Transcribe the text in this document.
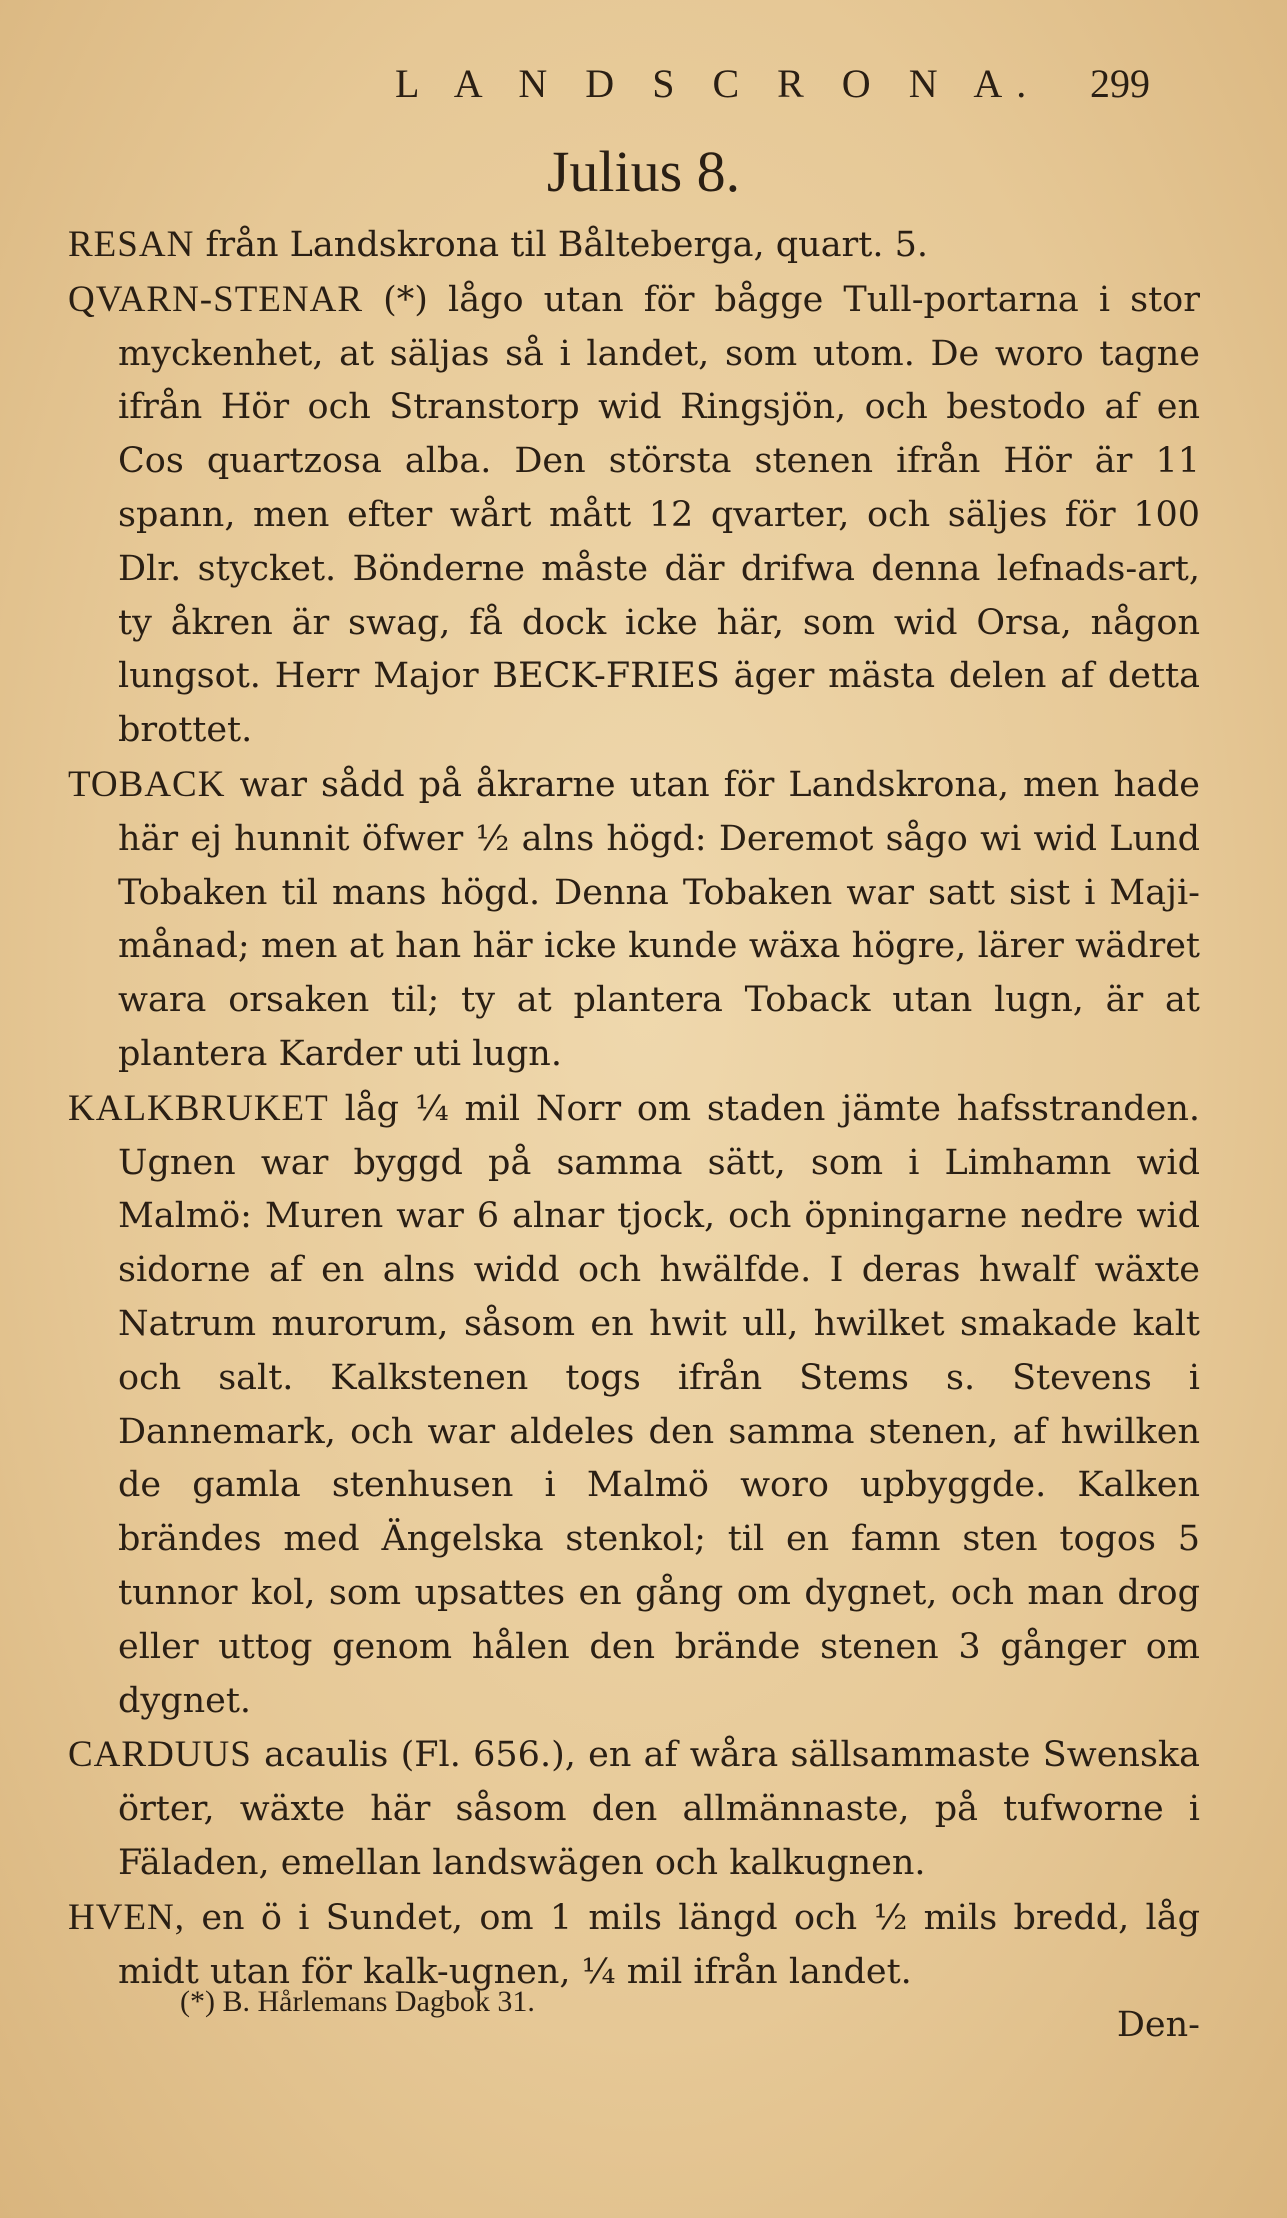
L A N D S C R O N A. 299
Julius 8.

RESAN från Landskrona til Bålteberga, quart. 5.

QVARN-STENAR (*) lågo utan för bågge Tull-portarna i stor myckenhet, at säljas så i landet, som utom. De woro tagne ifrån Hör och Stranstorp wid Ringsjön, och bestodo af en Cos quartzosa alba. Den största stenen ifrån Hör är 11 spann, men efter wårt mått 12 qvarter, och säljes för 100 Dlr. stycket. Bönderne måste där drifwa denna lefnads-art, ty åkren är swag, få dock icke här, som wid Orsa, någon lungsot. Herr Major BECK-FRIES äger mästa delen af detta brottet.

TOBACK war sådd på åkrarne utan för Landskrona, men hade här ej hunnit öfwer ½ alns högd: Deremot sågo wi wid Lund Tobaken til mans högd. Denna Tobaken war satt sist i Maji-månad; men at han här icke kunde wäxa högre, lärer wädret wara orsaken til; ty at plantera Toback utan lugn, är at plantera Karder uti lugn.

KALKBRUKET låg ¼ mil Norr om staden jämte hafsstranden. Ugnen war byggd på samma sätt, som i Limhamn wid Malmö: Muren war 6 alnar tjock, och öpningarne nedre wid sidorne af en alns widd och hwälfde. I deras hwalf wäxte Natrum murorum, såsom en hwit ull, hwilket smakade kalt och salt. Kalkstenen togs ifrån Stems s. Stevens i Dannemark, och war aldeles den samma stenen, af hwilken de gamla stenhusen i Malmö woro upbyggde. Kalken brändes med Ängelska stenkol; til en famn sten togos 5 tunnor kol, som upsattes en gång om dygnet, och man drog eller uttog genom hålen den brände stenen 3 gånger om dygnet.

CARDUUS acaulis (Fl. 656.), en af wåra sällsammaste Swenska örter, wäxte här såsom den allmännaste, på tufworne i Fäladen, emellan landswägen och kalkugnen.

HVEN, en ö i Sundet, om 1 mils längd och ½ mils bredd, låg midt utan för kalk-ugnen, ¼ mil ifrån landet.

Den-

(*) B. Hårlemans Dagbok 31.
